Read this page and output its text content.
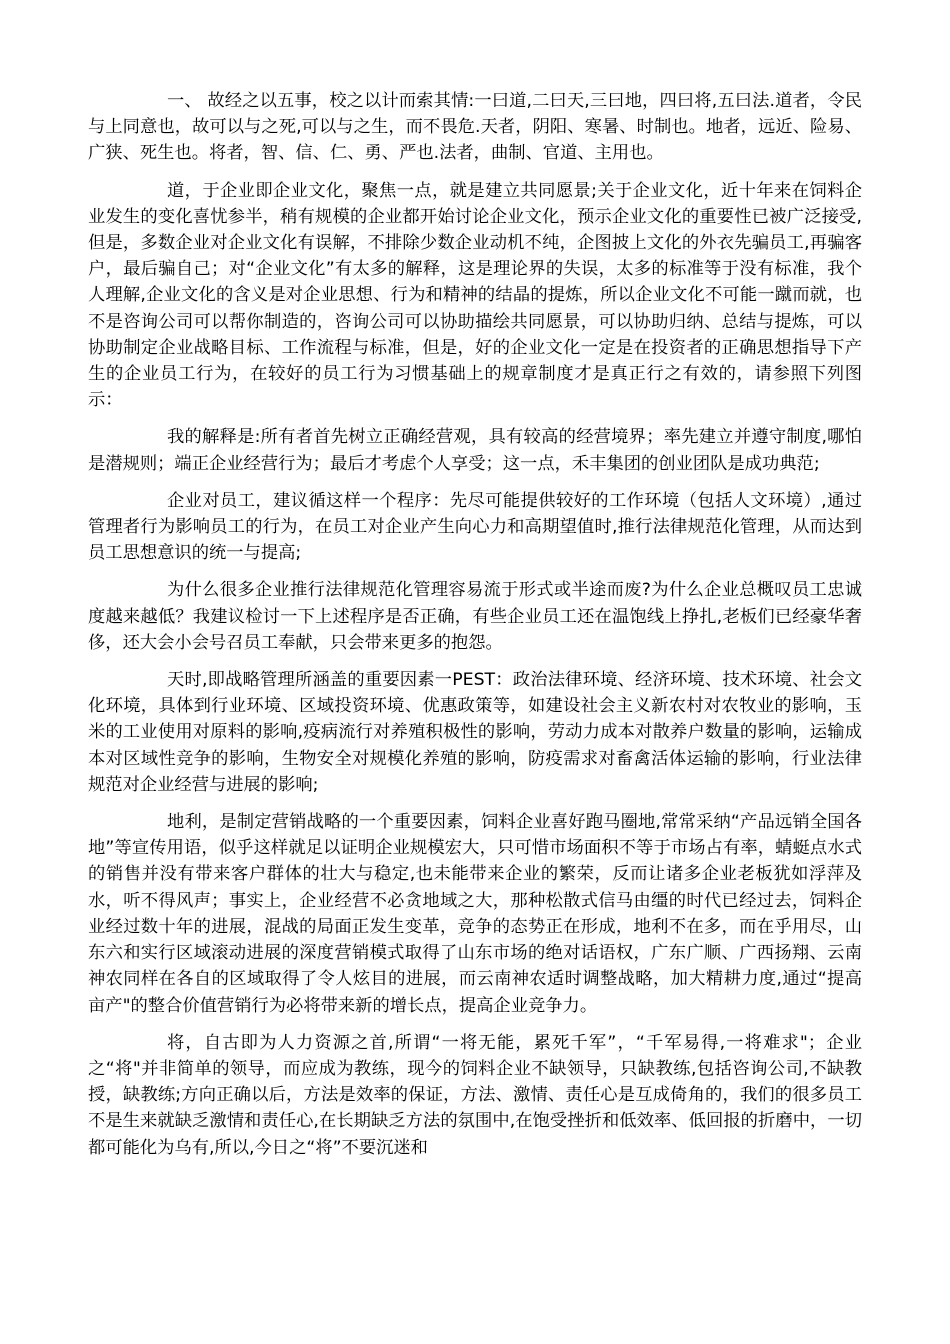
一、 故经之以五事，校之以计而索其情:一曰道,二曰天,三曰地，四曰将,五曰法.道者，令民与上同意也，故可以与之死,可以与之生，而不畏危.天者，阴阳、寒暑、时制也。地者，远近、险易、广狭、死生也。将者，智、信、仁、勇、严也.法者，曲制、官道、主用也。

道，于企业即企业文化，聚焦一点，就是建立共同愿景;关于企业文化，近十年来在饲料企业发生的变化喜忧参半，稍有规模的企业都开始讨论企业文化，预示企业文化的重要性已被广泛接受,但是，多数企业对企业文化有误解，不排除少数企业动机不纯，企图披上文化的外衣先骗员工,再骗客户，最后骗自己；对“企业文化”有太多的解释，这是理论界的失误，太多的标准等于没有标准，我个人理解,企业文化的含义是对企业思想、行为和精神的结晶的提炼，所以企业文化不可能一蹴而就，也不是咨询公司可以帮你制造的，咨询公司可以协助描绘共同愿景，可以协助归纳、总结与提炼，可以协助制定企业战略目标、工作流程与标准，但是，好的企业文化一定是在投资者的正确思想指导下产生的企业员工行为，在较好的员工行为习惯基础上的规章制度才是真正行之有效的，请参照下列图示：

我的解释是:所有者首先树立正确经营观，具有较高的经营境界；率先建立并遵守制度,哪怕是潜规则；端正企业经营行为；最后才考虑个人享受；这一点，禾丰集团的创业团队是成功典范;

企业对员工，建议循这样一个程序：先尽可能提供较好的工作环境（包括人文环境）,通过管理者行为影响员工的行为，在员工对企业产生向心力和高期望值时,推行法律规范化管理，从而达到员工思想意识的统一与提高;

为什么很多企业推行法律规范化管理容易流于形式或半途而废?为什么企业总概叹员工忠诚度越来越低？我建议检讨一下上述程序是否正确，有些企业员工还在温饱线上挣扎,老板们已经豪华奢侈，还大会小会号召员工奉献，只会带来更多的抱怨。

天时,即战略管理所涵盖的重要因素一PEST：政治法律环境、经济环境、技术环境、社会文化环境，具体到行业环境、区域投资环境、优惠政策等，如建设社会主义新农村对农牧业的影响，玉米的工业使用对原料的影响,疫病流行对养殖积极性的影响，劳动力成本对散养户数量的影响，运输成本对区域性竞争的影响，生物安全对规模化养殖的影响，防疫需求对畜禽活体运输的影响，行业法律规范对企业经营与进展的影响;

地利，是制定营销战略的一个重要因素，饲料企业喜好跑马圈地,常常采纳“产品远销全国各地”等宣传用语，似乎这样就足以证明企业规模宏大，只可惜市场面积不等于市场占有率，蜻蜓点水式的销售并没有带来客户群体的壮大与稳定,也未能带来企业的繁荣，反而让诸多企业老板犹如浮萍及水，听不得风声；事实上，企业经营不必贪地域之大，那种松散式信马由缰的时代已经过去，饲料企业经过数十年的进展，混战的局面正发生变革，竞争的态势正在形成，地利不在多，而在乎用尽，山东六和实行区域滚动进展的深度营销模式取得了山东市场的绝对话语权，广东广顺、广西扬翔、云南神农同样在各自的区域取得了令人炫目的进展，而云南神农适时调整战略，加大精耕力度,通过“提高亩产"的整合价值营销行为必将带来新的增长点，提高企业竞争力。

将，自古即为人力资源之首,所谓“一将无能，累死千军”，“千军易得,一将难求"；企业之“将"并非简单的领导，而应成为教练，现今的饲料企业不缺领导，只缺教练,包括咨询公司,不缺教授，缺教练;方向正确以后，方法是效率的保证，方法、激情、责任心是互成倚角的，我们的很多员工不是生来就缺乏激情和责任心,在长期缺乏方法的氛围中,在饱受挫折和低效率、低回报的折磨中，一切都可能化为乌有,所以,今日之“将”不要沉迷和
